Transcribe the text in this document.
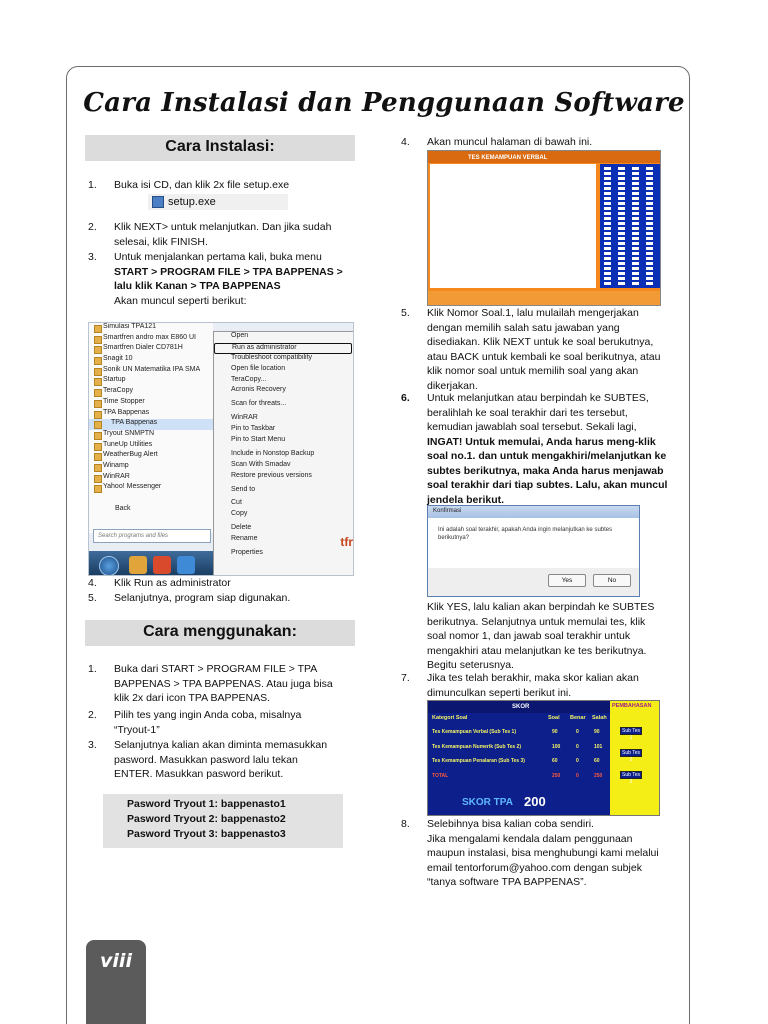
Cara Instalasi dan Penggunaan Software
Cara Instalasi:
1.	Buka isi CD, dan klik 2x file setup.exe
setup.exe
2.	Klik NEXT> untuk melanjutkan. Dan jika sudah
selesai, klik FINISH.
3.	Untuk menjalankan pertama kali, buka menu
START > PROGRAM FILE > TPA BAPPENAS >
lalu klik Kanan > TPA BAPPENAS
Akan muncul seperti berikut:
Simulasi TPA121
Smartfren andro max E860 UI
Smartfren Dialer CD781H
Snagit 10
Sonik UN Matematika IPA SMA
Startup
TeraCopy
Time Stopper
TPA Bappenas
TPA Bappenas
Tryout SNMPTN
TuneUp Utilities
WeatherBug Alert
Winamp
WinRAR
Yahoo! Messenger
Back
Search programs and files
Open
Run as administrator
Troubleshoot compatibility
Open file location
TeraCopy...
Acronis Recovery
Scan for threats...
WinRAR
Pin to Taskbar
Pin to Start Menu
Include in Nonstop Backup
Scan With Smadav
Restore previous versions
Send to
Cut
Copy
Delete
Rename
Properties
tfr
4.	Klik Run as administrator
5.	Selanjutnya, program siap digunakan.
Cara menggunakan:
1.	Buka dari START > PROGRAM FILE > TPA
BAPPENAS > TPA BAPPENAS. Atau juga bisa
klik 2x dari icon TPA BAPPENAS.
2.	Pilih tes yang ingin Anda coba, misalnya
“Tryout-1”
3.	Selanjutnya kalian akan diminta memasukkan
pasword. Masukkan pasword lalu tekan
ENTER. Masukkan pasword berikut.
Pasword Tryout 1: bappenasto1
Pasword Tryout 2: bappenasto2
Pasword Tryout 3: bappenasto3
4.	Akan muncul halaman di bawah ini.
TES KEMAMPUAN VERBAL
5.	Klik Nomor Soal.1, lalu mulailah mengerjakan
dengan memilih salah satu jawaban yang
disediakan. Klik NEXT untuk ke soal berukutnya,
atau BACK untuk kembali ke soal berikutnya, atau
klik nomor soal untuk memilih soal yang akan
dikerjakan.
6.	Untuk melanjutkan atau berpindah ke SUBTES,
beralihlah ke soal terakhir dari tes tersebut,
kemudian jawablah soal tersebut. Sekali lagi,
INGAT! Untuk memulai, Anda harus meng-klik
soal no.1. dan untuk mengakhiri/melanjutkan ke
subtes berikutnya, maka Anda harus menjawab
soal terakhir dari tiap subtes. Lalu, akan muncul
jendela berikut.
Konfirmasi
Ini adalah soal terakhir, apakah Anda ingin melanjutkan ke subtes berikutnya?
Yes	No
Klik YES, lalu kalian akan berpindah ke SUBTES
berikutnya. Selanjutnya untuk memulai tes, klik
soal nomor 1, dan jawab soal terakhir untuk
mengakhiri atau melanjutkan ke tes berikutnya.
Begitu seterusnya.
7.	Jika tes telah berakhir, maka skor kalian akan
dimunculkan seperti berikut ini.
SKOR
Kategori Soal	Soal Benar Salah
Tes Kemampuan Verbal (Sub Tes 1)	90	0	90
Tes Kemampuan Numerik (Sub Tes 2)	100	0	101
Tes Kemampuan Penalaran (Sub Tes 3)	60	0	60
TOTAL	250	0	250
SKOR TPA 200
PEMBAHASAN
Sub Tes 1
Sub Tes 2
Sub Tes 3
8.	Selebihnya bisa kalian coba sendiri.
Jika mengalami kendala dalam penggunaan
maupun instalasi, bisa menghubungi kami melalui
email tentorforum@yahoo.com dengan subjek
“tanya software TPA BAPPENAS”.
viii
